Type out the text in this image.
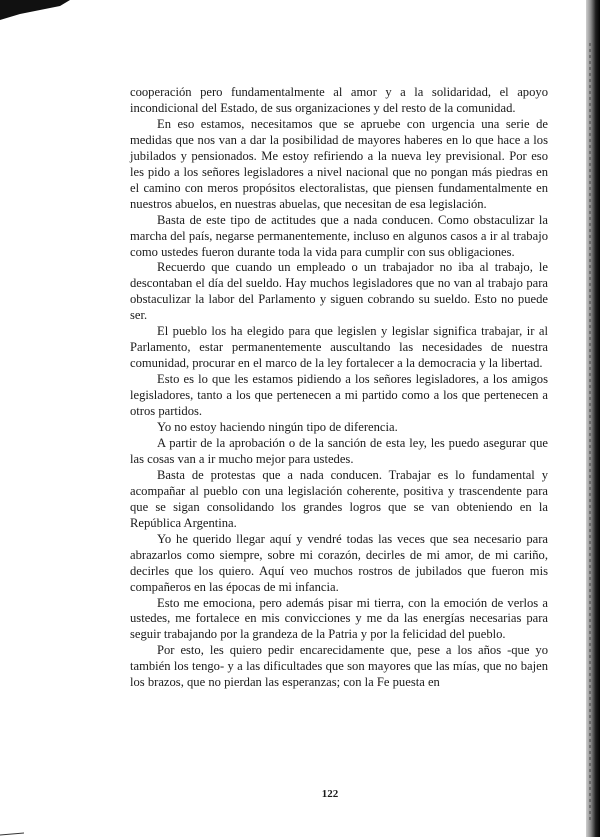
cooperación pero fundamentalmente al amor y a la solidaridad, el apoyo incondicional del Estado, de sus organizaciones y del resto de la comunidad.

En eso estamos, necesitamos que se apruebe con urgencia una serie de medidas que nos van a dar la posibilidad de mayores haberes en lo que hace a los jubilados y pensionados. Me estoy refiriendo a la nueva ley previsional. Por eso les pido a los señores legisladores a nivel nacional que no pongan más piedras en el camino con meros propósitos electoralistas, que piensen fundamentalmente en nuestros abuelos, en nuestras abuelas, que necesitan de esa legislación.

Basta de este tipo de actitudes que a nada conducen. Como obstaculizar la marcha del país, negarse permanentemente, incluso en algunos casos a ir al trabajo como ustedes fueron durante toda la vida para cumplir con sus obligaciones.

Recuerdo que cuando un empleado o un trabajador no iba al trabajo, le descontaban el día del sueldo. Hay muchos legisladores que no van al trabajo para obstaculizar la labor del Parlamento y siguen cobrando su sueldo. Esto no puede ser.

El pueblo los ha elegido para que legislen y legislar significa trabajar, ir al Parlamento, estar permanentemente auscultando las necesidades de nuestra comunidad, procurar en el marco de la ley fortalecer a la democracia y la libertad.

Esto es lo que les estamos pidiendo a los señores legisladores, a los amigos legisladores, tanto a los que pertenecen a mi partido como a los que pertenecen a otros partidos.

Yo no estoy haciendo ningún tipo de diferencia.

A partir de la aprobación o de la sanción de esta ley, les puedo asegurar que las cosas van a ir mucho mejor para ustedes.

Basta de protestas que a nada conducen. Trabajar es lo fundamental y acompañar al pueblo con una legislación coherente, positiva y trascendente para que se sigan consolidando los grandes logros que se van obteniendo en la República Argentina.

Yo he querido llegar aquí y vendré todas las veces que sea necesario para abrazarlos como siempre, sobre mi corazón, decirles de mi amor, de mi cariño, decirles que los quiero. Aquí veo muchos rostros de jubilados que fueron mis compañeros en las épocas de mi infancia.

Esto me emociona, pero además pisar mi tierra, con la emoción de verlos a ustedes, me fortalece en mis convicciones y me da las energías necesarias para seguir trabajando por la grandeza de la Patria y por la felicidad del pueblo.

Por esto, les quiero pedir encarecidamente que, pese a los años -que yo también los tengo- y a las dificultades que son mayores que las mías, que no bajen los brazos, que no pierdan las esperanzas; con la Fe puesta en

122
